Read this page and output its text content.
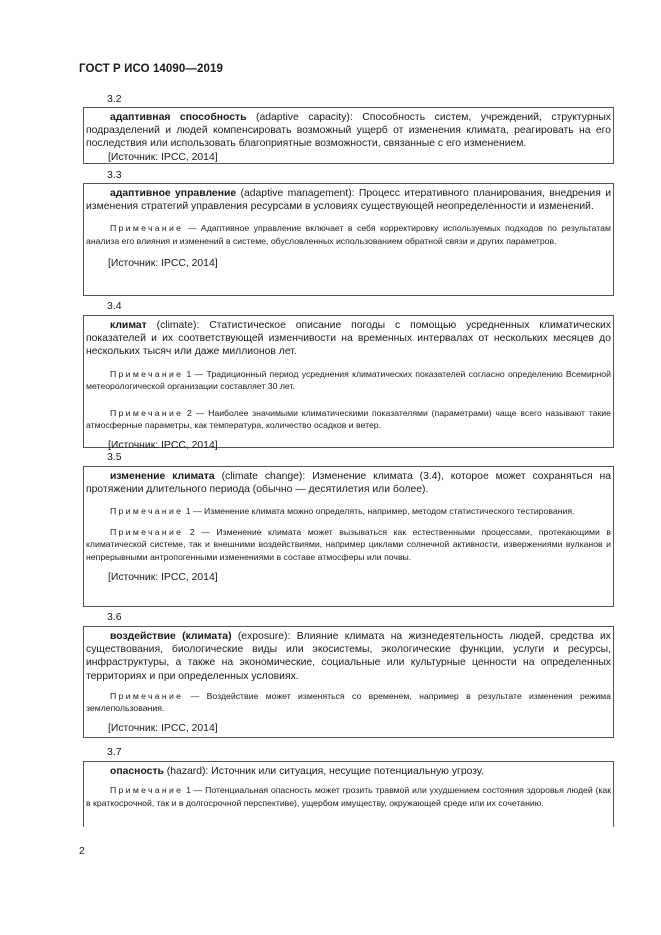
ГОСТ Р ИСО 14090—2019
3.2

адаптивная способность (adaptive capacity): Способность систем, учреждений, структурных подразделений и людей компенсировать возможный ущерб от изменения климата, реагировать на его последствия или использовать благоприятные возможности, связанные с его изменением.

[Источник: IPCC, 2014]

3.3

адаптивное управление (adaptive management): Процесс итеративного планирования, внедрения и изменения стратегий управления ресурсами в условиях существующей неопределенности и изменений.

Примечание — Адаптивное управление включает в себя корректировку используемых подходов по результатам анализа его влияния и изменений в системе, обусловленных использованием обратной связи и других параметров.

[Источник: IPCC, 2014]

3.4

климат (climate): Статистическое описание погоды с помощью усредненных климатических показателей и их соответствующей изменчивости на временных интервалах от нескольких месяцев до нескольких тысяч или даже миллионов лет.

Примечание 1 — Традиционный период усреднения климатических показателей согласно определению Всемирной метеорологической организации составляет 30 лет.

Примечание 2 — Наиболее значимыми климатическими показателями (параметрами) чаще всего называют такие атмосферные параметры, как температура, количество осадков и ветер.

[Источник: IPCC, 2014]

3.5

изменение климата (climate change): Изменение климата (3.4), которое может сохраняться на протяжении длительного периода (обычно — десятилетия или более).

Примечание 1 — Изменение климата можно определять, например, методом статистического тестирования.

Примечание 2 — Изменение климата может вызываться как естественными процессами, протекающими в климатической системе, так и внешними воздействиями, например циклами солнечной активности, извержениями вулканов и непрерывными антропогенными изменениями в составе атмосферы или почвы.

[Источник: IPCC, 2014]

3.6

воздействие (климата) (exposure): Влияние климата на жизнедеятельность людей, средства их существования, биологические виды или экосистемы, экологические функции, услуги и ресурсы, инфраструктуры, а также на экономические, социальные или культурные ценности на определенных территориях и при определенных условиях.

Примечание — Воздействие может изменяться со временем, например в результате изменения режима землепользования.

[Источник: IPCC, 2014]

3.7

опасность (hazard): Источник или ситуация, несущие потенциальную угрозу.

Примечание 1 — Потенциальная опасность может грозить травмой или ухудшением состояния здоровья людей (как в краткосрочной, так и в долгосрочной перспективе), ущербом имуществу, окружающей среде или их сочетанию.

2
